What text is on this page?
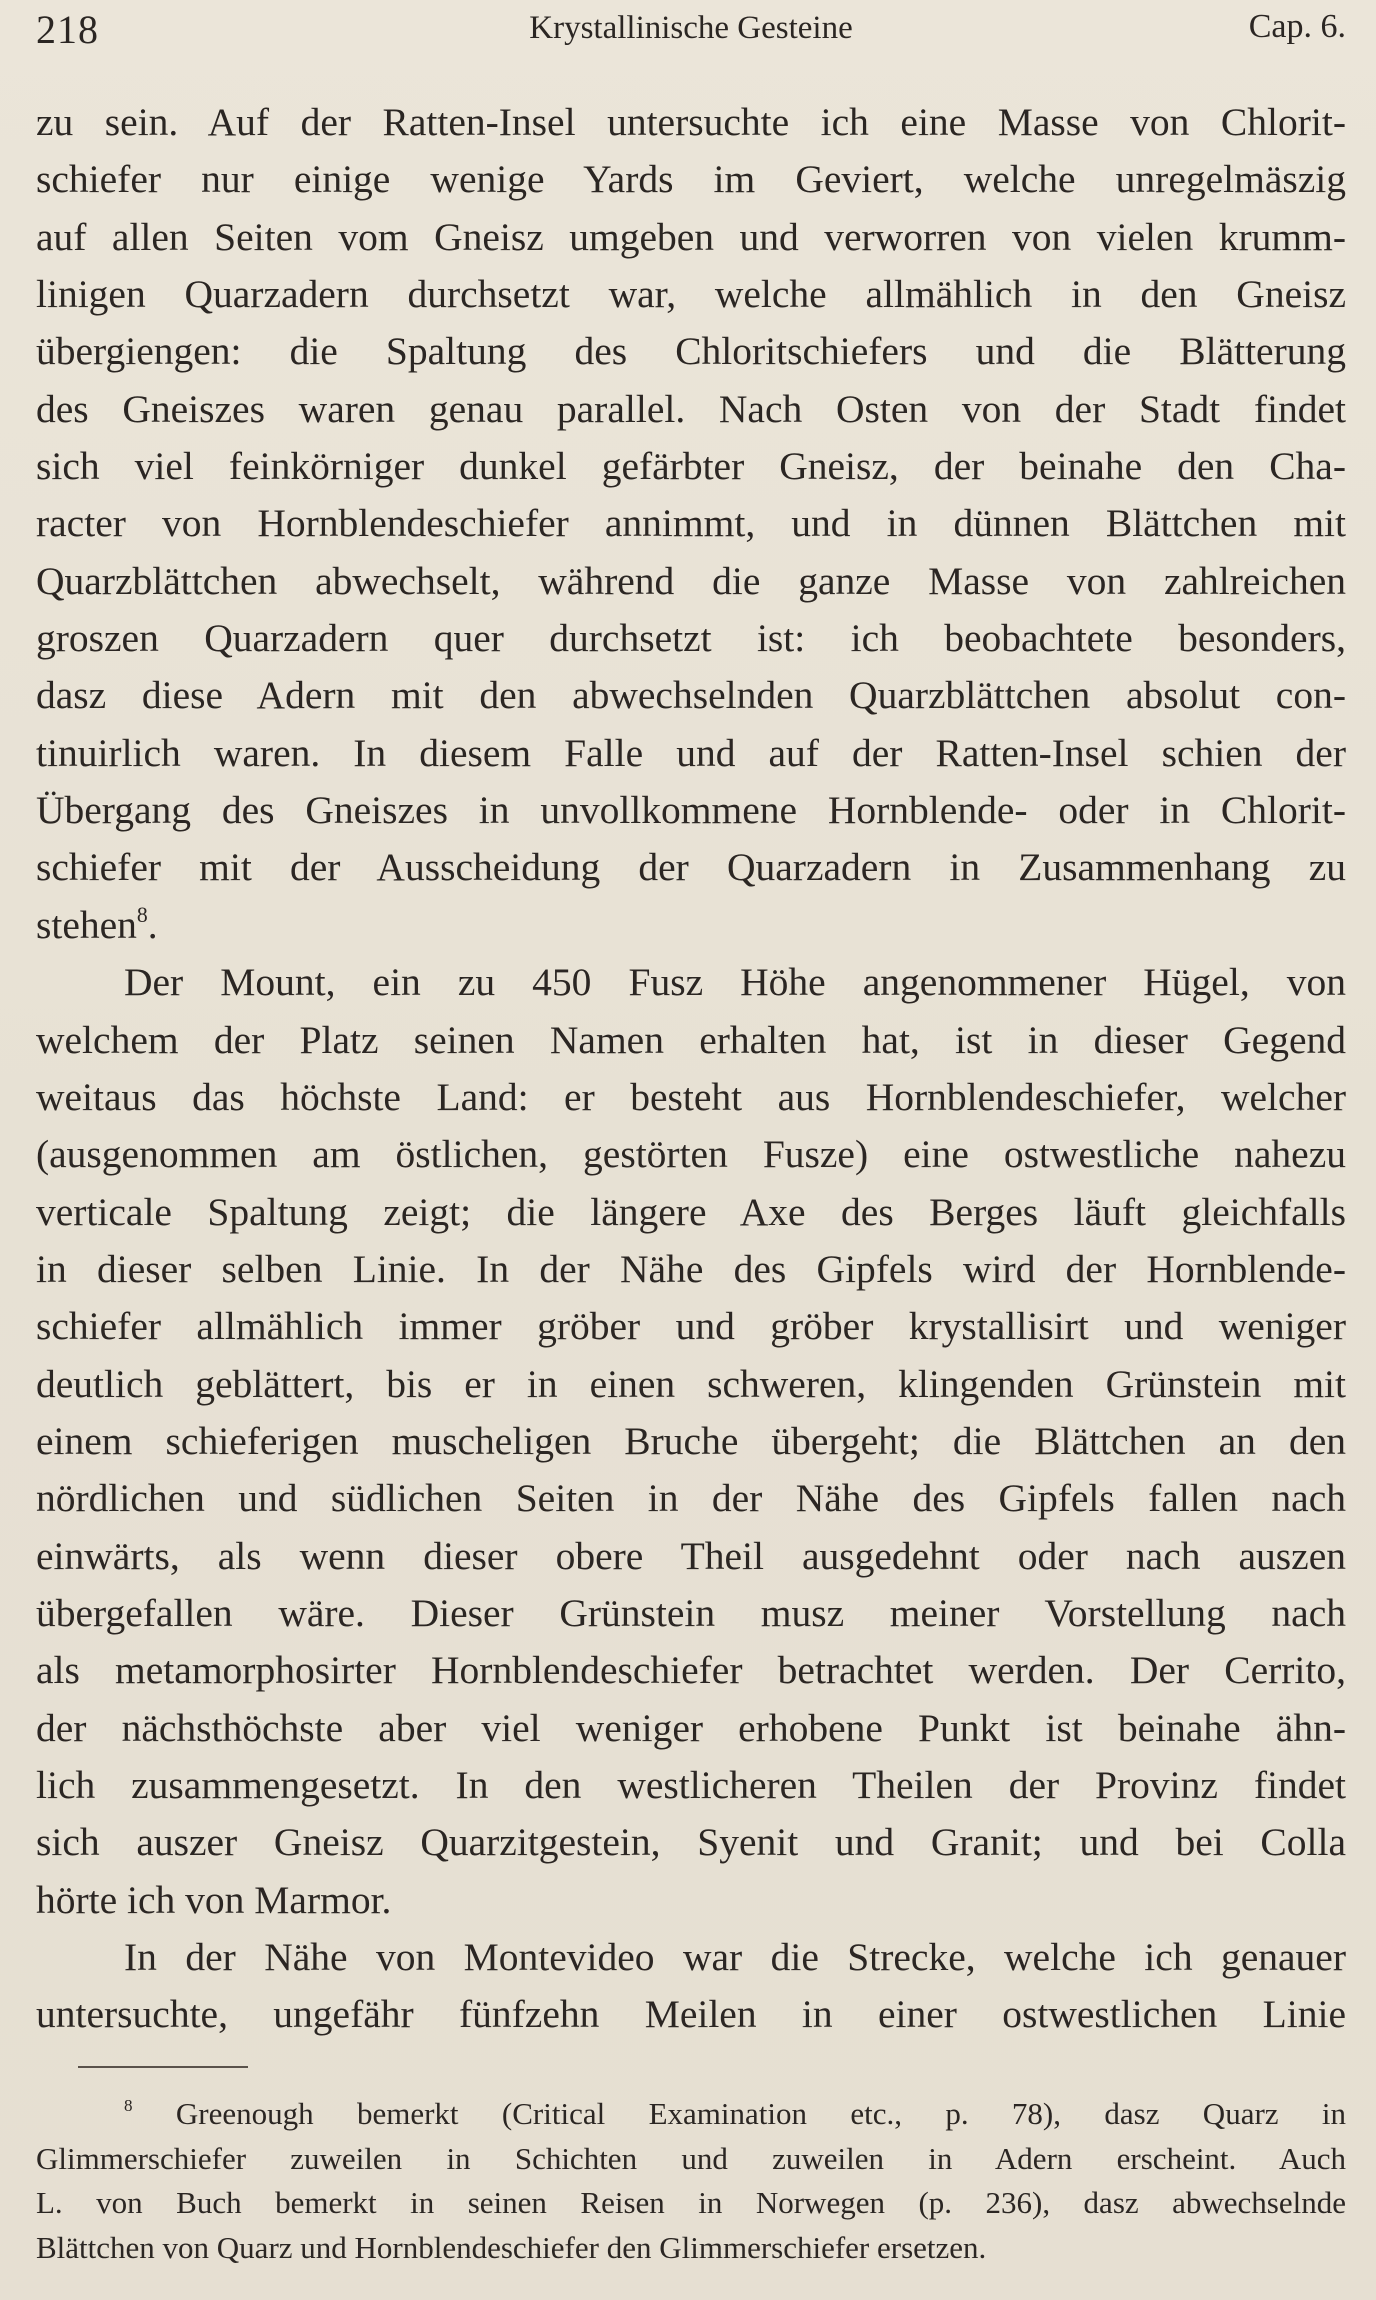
218	Krystallinische Gesteine	Cap. 6.
zu sein. Auf der Ratten-Insel untersuchte ich eine Masse von Chlorit-
schiefer nur einige wenige Yards im Geviert, welche unregelmäszig
auf allen Seiten vom Gneisz umgeben und verworren von vielen krumm-
linigen Quarzadern durchsetzt war, welche allmählich in den Gneisz
übergiengen: die Spaltung des Chloritschiefers und die Blätterung
des Gneiszes waren genau parallel. Nach Osten von der Stadt findet
sich viel feinkörniger dunkel gefärbter Gneisz, der beinahe den Cha-
racter von Hornblendeschiefer annimmt, und in dünnen Blättchen mit
Quarzblättchen abwechselt, während die ganze Masse von zahlreichen
groszen Quarzadern quer durchsetzt ist: ich beobachtete besonders,
dasz diese Adern mit den abwechselnden Quarzblättchen absolut con-
tinuirlich waren. In diesem Falle und auf der Ratten-Insel schien der
Übergang des Gneiszes in unvollkommene Hornblende- oder in Chlorit-
schiefer mit der Ausscheidung der Quarzadern in Zusammenhang zu
stehen$^8$.
Der Mount, ein zu 450 Fusz Höhe angenommener Hügel, von
welchem der Platz seinen Namen erhalten hat, ist in dieser Gegend
weitaus das höchste Land: er besteht aus Hornblendeschiefer, welcher
(ausgenommen am östlichen, gestörten Fusze) eine ostwestliche nahezu
verticale Spaltung zeigt; die längere Axe des Berges läuft gleichfalls
in dieser selben Linie. In der Nähe des Gipfels wird der Hornblende-
schiefer allmählich immer gröber und gröber krystallisirt und weniger
deutlich geblättert, bis er in einen schweren, klingenden Grünstein mit
einem schieferigen muscheligen Bruche übergeht; die Blättchen an den
nördlichen und südlichen Seiten in der Nähe des Gipfels fallen nach
einwärts, als wenn dieser obere Theil ausgedehnt oder nach auszen
übergefallen wäre. Dieser Grünstein musz meiner Vorstellung nach
als metamorphosirter Hornblendeschiefer betrachtet werden. Der Cerrito,
der nächsthöchste aber viel weniger erhobene Punkt ist beinahe ähn-
lich zusammengesetzt. In den westlicheren Theilen der Provinz findet
sich auszer Gneisz Quarzitgestein, Syenit und Granit; und bei Colla
hörte ich von Marmor.
In der Nähe von Montevideo war die Strecke, welche ich genauer
untersuchte, ungefähr fünfzehn Meilen in einer ostwestlichen Linie
$^8$ Greenough bemerkt (Critical Examination etc., p. 78), dasz Quarz in
Glimmerschiefer zuweilen in Schichten und zuweilen in Adern erscheint. Auch
L. von Buch bemerkt in seinen Reisen in Norwegen (p. 236), dasz abwechselnde
Blättchen von Quarz und Hornblendeschiefer den Glimmerschiefer ersetzen.
